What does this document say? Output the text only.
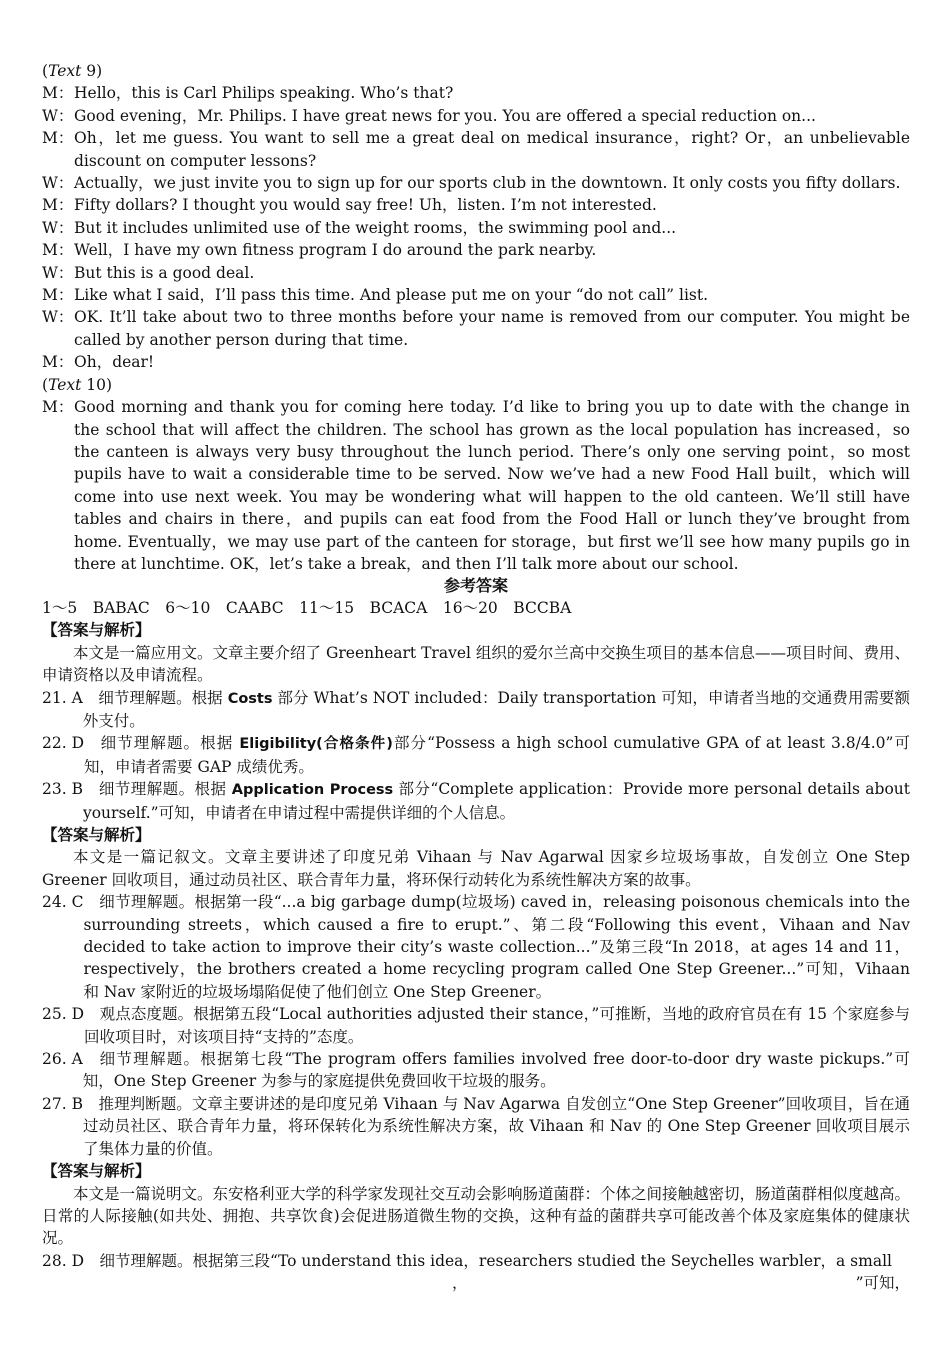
(Text 9)
M： Hello，this is Carl Philips speaking. Who’s that?
W： Good evening，Mr. Philips. I have great news for you. You are offered a special reduction on...
M： Oh，let me guess. You want to sell me a great deal on medical insurance，right? Or，an unbelievable discount on computer lessons?
W： Actually，we just invite you to sign up for our sports club in the downtown. It only costs you fifty dollars.
M： Fifty dollars? I thought you would say free! Uh，listen. I’m not interested.
W： But it includes unlimited use of the weight rooms，the swimming pool and...
M： Well，I have my own fitness program I do around the park nearby.
W： But this is a good deal.
M： Like what I said，I’ll pass this time. And please put me on your “do not call” list.
W： OK. It’ll take about two to three months before your name is removed from our computer. You might be called by another person during that time.
M： Oh，dear!
(Text 10)
M： Good morning and thank you for coming here today. I’d like to bring you up to date with the change in the school that will affect the children. The school has grown as the local population has increased，so the canteen is always very busy throughout the lunch period. There’s only one serving point，so most pupils have to wait a considerable time to be served. Now we’ve had a new Food Hall built，which will come into use next week. You may be wondering what will happen to the old canteen. We’ll still have tables and chairs in there，and pupils can eat food from the Food Hall or lunch they’ve brought from home. Eventually，we may use part of the canteen for storage，but first we’ll see how many pupils go in there at lunchtime. OK，let’s take a break，and then I’ll talk more about our school.
参考答案
1～5　BABAC　6～10　CAABC　11～15　BCACA　16～20　BCCBA
【答案与解析】
本文是一篇应用文。文章主要介绍了 Greenheart Travel 组织的爱尔兰高中交换生项目的基本信息——项目时间、费用、申请资格以及申请流程。
21. A 　细节理解题。根据 Costs 部分 What’s NOT included：Daily transportation 可知，申请者当地的交通费用需要额外支付。
22. D 　细节理解题。根据 Eligibility(合格条件)部分“Possess a high school cumulative GPA of at least 3.8/4.0”可知，申请者需要 GAP 成绩优秀。
23. B 　细节理解题。根据 Application Process 部分“Complete application：Provide more personal details about yourself.”可知，申请者在申请过程中需提供详细的个人信息。
【答案与解析】
本文是一篇记叙文。文章主要讲述了印度兄弟 Vihaan 与 Nav Agarwal 因家乡垃圾场事故，自发创立 One Step Greener 回收项目，通过动员社区、联合青年力量，将环保行动转化为系统性解决方案的故事。
24. C 　细节理解题。根据第一段“...a big garbage dump(垃圾场) caved in，releasing poisonous chemicals into the surrounding streets，which caused a fire to erupt.”、第二段“Following this event，Vihaan and Nav decided to take action to improve their city’s waste collection...”及第三段“In 2018，at ages 14 and 11，respectively，the brothers created a home recycling program called One Step Greener...”可知，Vihaan 和 Nav 家附近的垃圾场塌陷促使了他们创立 One Step Greener。
25. D 　观点态度题。根据第五段“Local authorities adjusted their stance，”可推断，当地的政府官员在有 15 个家庭参与回收项目时，对该项目持“支持的”态度。
26. A 　细节理解题。根据第七段“The program offers families involved free door-to-door dry waste pickups.”可知，One Step Greener 为参与的家庭提供免费回收干垃圾的服务。
27. B 　推理判断题。文章主要讲述的是印度兄弟 Vihaan 与 Nav Agarwa 自发创立“One Step Greener”回收项目，旨在通过动员社区、联合青年力量，将环保转化为系统性解决方案，故 Vihaan 和 Nav 的 One Step Greener 回收项目展示了集体力量的价值。
【答案与解析】
本文是一篇说明文。东安格利亚大学的科学家发现社交互动会影响肠道菌群：个体之间接触越密切，肠道菌群相似度越高。日常的人际接触(如共处、拥抱、共享饮食)会促进肠道微生物的交换，这种有益的菌群共享可能改善个体及家庭集体的健康状况。
28. D 　细节理解题。根据第三段“To understand this idea，researchers studied the Seychelles warbler，a small
，	”可知，
